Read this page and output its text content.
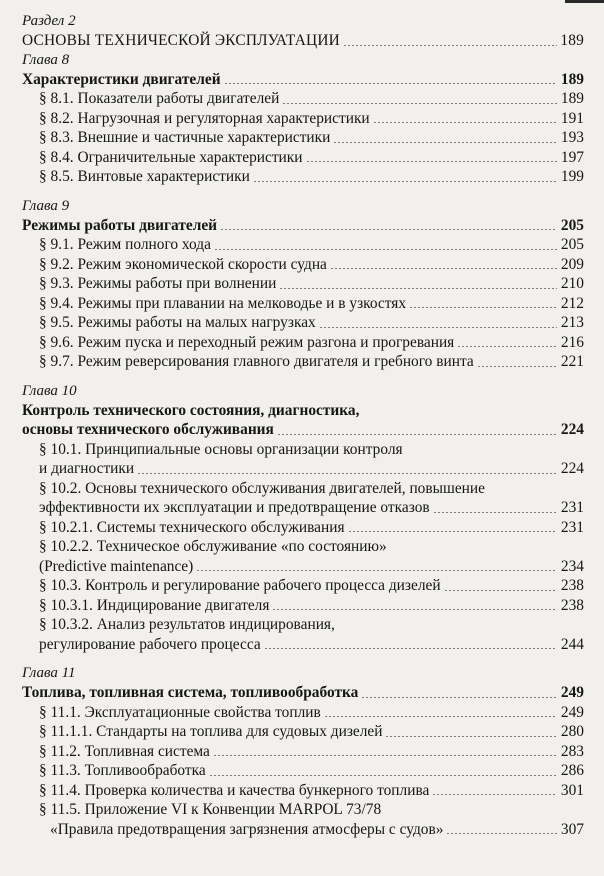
Раздел 2
ОСНОВЫ ТЕХНИЧЕСКОЙ ЭКСПЛУАТАЦИИ	189
Глава 8
Характеристики двигателей	189
§ 8.1. Показатели работы двигателей	189
§ 8.2. Нагрузочная и регуляторная характеристики	191
§ 8.3. Внешние и частичные характеристики	193
§ 8.4. Ограничительные характеристики	197
§ 8.5. Винтовые характеристики	199
Глава 9
Режимы работы двигателей	205
§ 9.1. Режим полного хода	205
§ 9.2. Режим экономической скорости судна	209
§ 9.3. Режимы работы при волнении	210
§ 9.4. Режимы при плавании на мелководье и в узкостях	212
§ 9.5. Режимы работы на малых нагрузках	213
§ 9.6. Режим пуска и переходный режим разгона и прогревания	216
§ 9.7. Режим реверсирования главного двигателя и гребного винта	221
Глава 10
Контроль технического состояния, диагностика,
основы технического обслуживания	224
§ 10.1. Принципиальные основы организации контроля
и диагностики	224
§ 10.2. Основы технического обслуживания двигателей, повышение
эффективности их эксплуатации и предотвращение отказов	231
§ 10.2.1. Системы технического обслуживания	231
§ 10.2.2. Техническое обслуживание «по состоянию»
(Predictive maintenance)	234
§ 10.3. Контроль и регулирование рабочего процесса дизелей	238
§ 10.3.1. Индицирование двигателя	238
§ 10.3.2. Анализ результатов индицирования,
регулирование рабочего процесса	244
Глава 11
Топлива, топливная система, топливообработка	249
§ 11.1. Эксплуатационные свойства топлив	249
§ 11.1.1. Стандарты на топлива для судовых дизелей	280
§ 11.2. Топливная система	283
§ 11.3. Топливообработка	286
§ 11.4. Проверка количества и качества бункерного топлива	301
§ 11.5. Приложение VI к Конвенции MARPOL 73/78
«Правила предотвращения загрязнения атмосферы с судов»	307
